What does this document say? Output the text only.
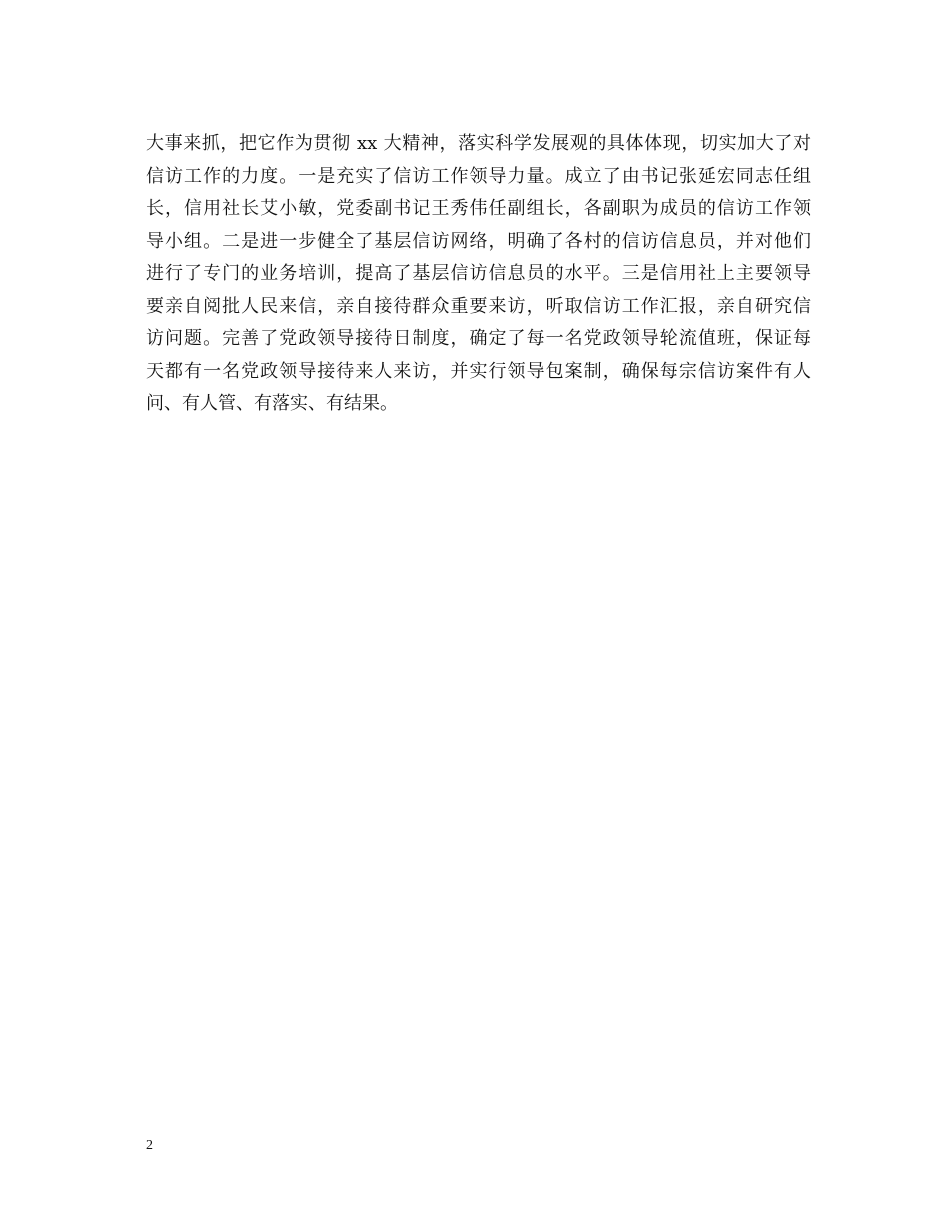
大事来抓，把它作为贯彻 xx 大精神，落实科学发展观的具体体现，切实加大了对
信访工作的力度。一是充实了信访工作领导力量。成立了由书记张延宏同志任组
长，信用社长艾小敏，党委副书记王秀伟任副组长，各副职为成员的信访工作领
导小组。二是进一步健全了基层信访网络，明确了各村的信访信息员，并对他们
进行了专门的业务培训，提高了基层信访信息员的水平。三是信用社上主要领导
要亲自阅批人民来信，亲自接待群众重要来访，听取信访工作汇报，亲自研究信
访问题。完善了党政领导接待日制度，确定了每一名党政领导轮流值班，保证每
天都有一名党政领导接待来人来访，并实行领导包案制，确保每宗信访案件有人
问、有人管、有落实、有结果。
2
